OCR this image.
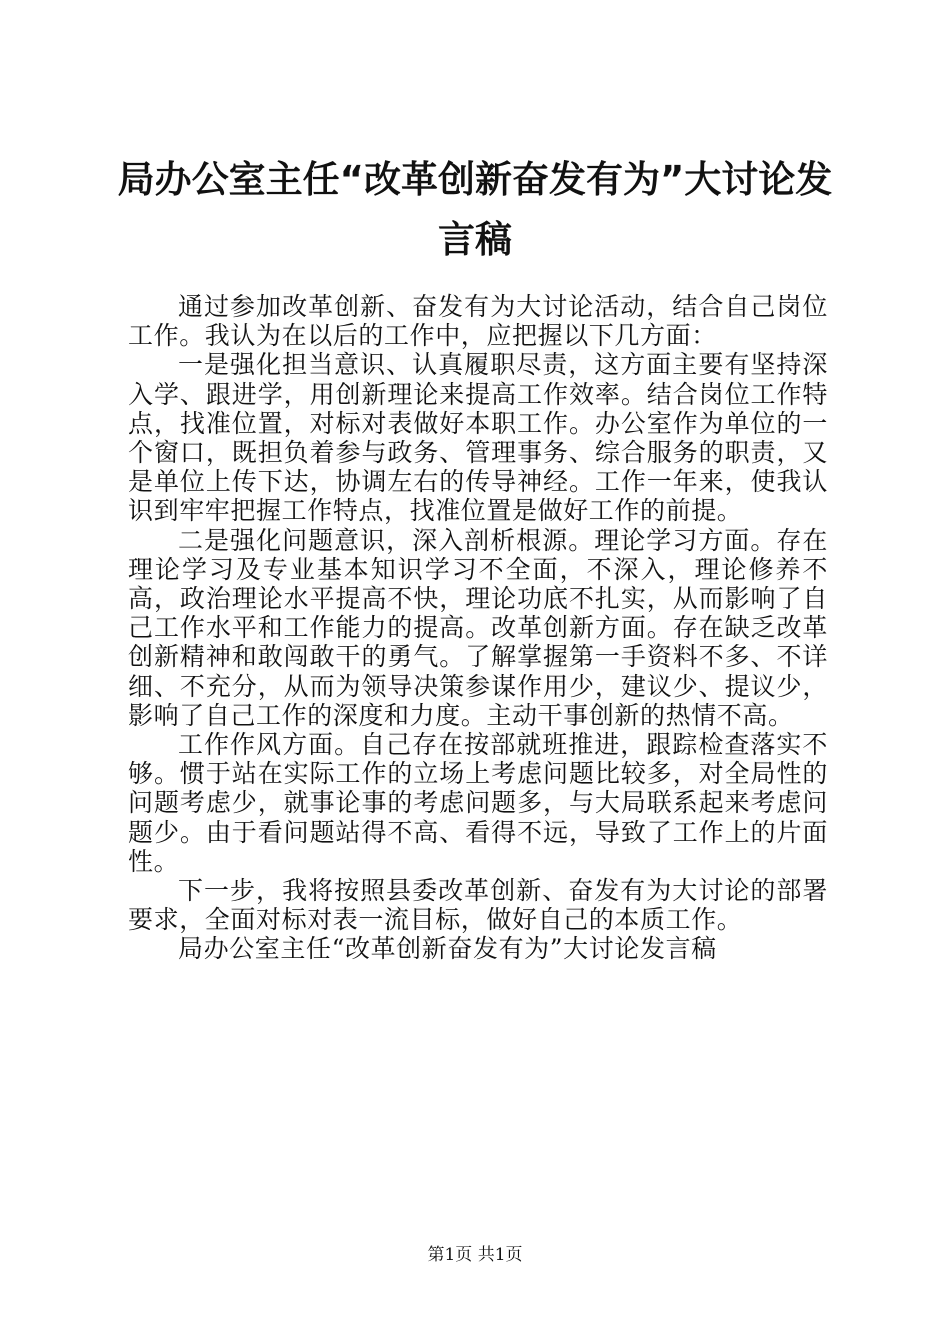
局办公室主任“改革创新奋发有为”大讨论发言稿

通过参加改革创新、奋发有为大讨论活动，结合自己岗位工作。我认为在以后的工作中，应把握以下几方面：

一是强化担当意识、认真履职尽责，这方面主要有坚持深入学、跟进学，用创新理论来提高工作效率。结合岗位工作特点，找准位置，对标对表做好本职工作。办公室作为单位的一个窗口，既担负着参与政务、管理事务、综合服务的职责，又是单位上传下达，协调左右的传导神经。工作一年来，使我认识到牢牢把握工作特点，找准位置是做好工作的前提。

二是强化问题意识，深入剖析根源。理论学习方面。存在理论学习及专业基本知识学习不全面，不深入，理论修养不高，政治理论水平提高不快，理论功底不扎实，从而影响了自己工作水平和工作能力的提高。改革创新方面。存在缺乏改革创新精神和敢闯敢干的勇气。了解掌握第一手资料不多、不详细、不充分，从而为领导决策参谋作用少，建议少、提议少，影响了自己工作的深度和力度。主动干事创新的热情不高。

工作作风方面。自己存在按部就班推进，跟踪检查落实不够。惯于站在实际工作的立场上考虑问题比较多，对全局性的问题考虑少，就事论事的考虑问题多，与大局联系起来考虑问题少。由于看问题站得不高、看得不远，导致了工作上的片面性。

下一步，我将按照县委改革创新、奋发有为大讨论的部署要求，全面对标对表一流目标，做好自己的本质工作。

局办公室主任“改革创新奋发有为”大讨论发言稿

第1页 共1页
